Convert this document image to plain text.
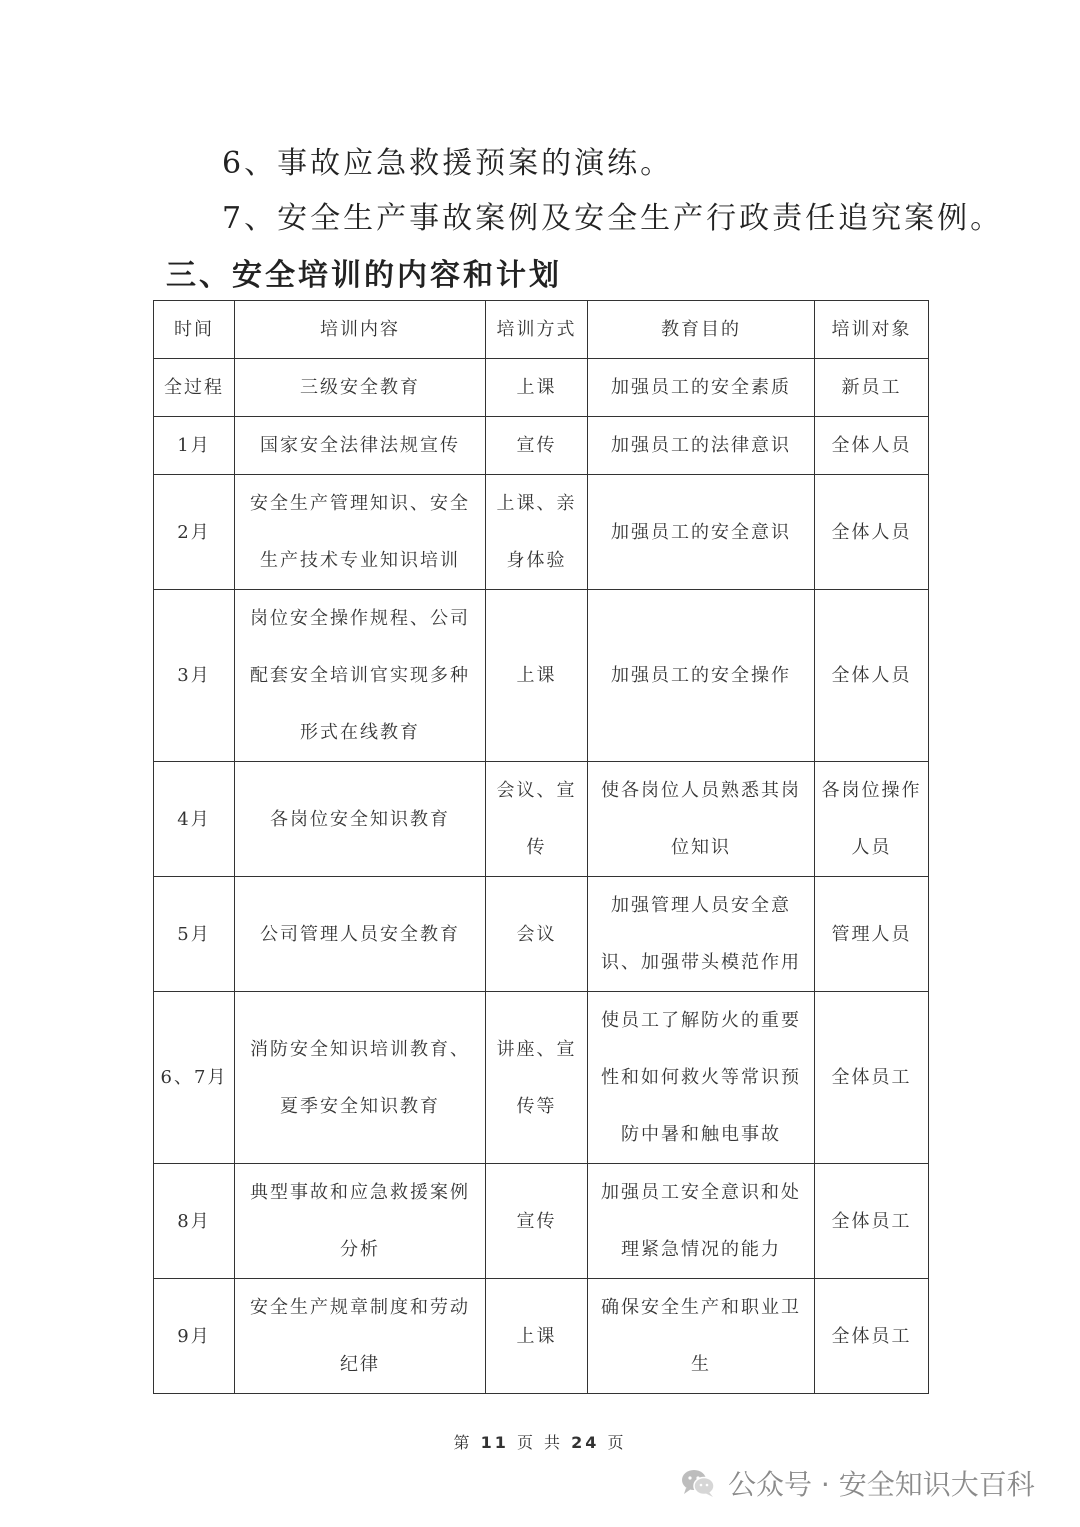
6、事故应急救援预案的演练。
7、安全生产事故案例及安全生产行政责任追究案例。
三、安全培训的内容和计划
时间	培训内容	培训方式	教育目的	培训对象
全过程	三级安全教育	上课	加强员工的安全素质	新员工
1月	国家安全法律法规宣传	宣传	加强员工的法律意识	全体人员
2月	安全生产管理知识、安全生产技术专业知识培训	上课、亲身体验	加强员工的安全意识	全体人员
3月	岗位安全操作规程、公司配套安全培训官实现多种形式在线教育	上课	加强员工的安全操作	全体人员
4月	各岗位安全知识教育	会议、宣传	使各岗位人员熟悉其岗位知识	各岗位操作人员
5月	公司管理人员安全教育	会议	加强管理人员安全意识、加强带头模范作用	管理人员
6、7月	消防安全知识培训教育、夏季安全知识教育	讲座、宣传等	使员工了解防火的重要性和如何救火等常识预防中暑和触电事故	全体员工
8月	典型事故和应急救援案例分析	宣传	加强员工安全意识和处理紧急情况的能力	全体员工
9月	安全生产规章制度和劳动纪律	上课	确保安全生产和职业卫生	全体员工
第 11 页 共 24 页
公众号 · 安全知识大百科
